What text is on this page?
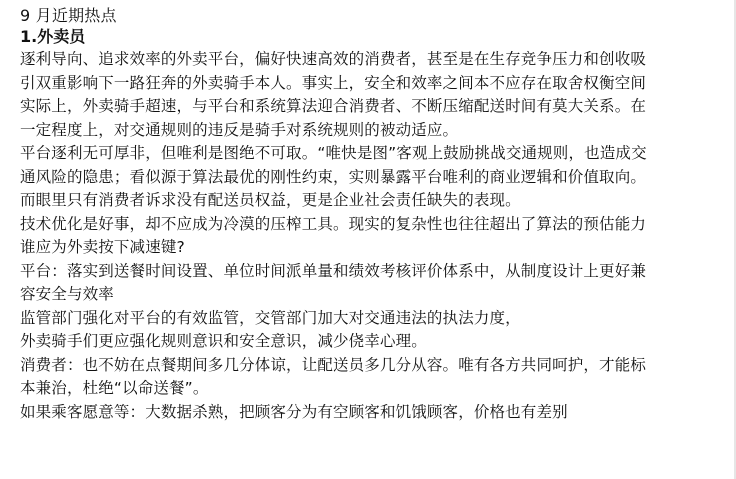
9 月近期热点
1.外卖员

逐利导向、追求效率的外卖平台，偏好快速高效的消费者，甚至是在生存竞争压力和创收吸
引双重影响下一路狂奔的外卖骑手本人。事实上，安全和效率之间本不应存在取舍权衡空间
实际上，外卖骑手超速，与平台和系统算法迎合消费者、不断压缩配送时间有莫大关系。在
一定程度上，对交通规则的违反是骑手对系统规则的被动适应。

平台逐利无可厚非，但唯利是图绝不可取。“唯快是图”客观上鼓励挑战交通规则，也造成交
通风险的隐患；看似源于算法最优的刚性约束，实则暴露平台唯利的商业逻辑和价值取向。
而眼里只有消费者诉求没有配送员权益，更是企业社会责任缺失的表现。

技术优化是好事，却不应成为冷漠的压榨工具。现实的复杂性也往往超出了算法的预估能力
谁应为外卖按下减速键?

平台：落实到送餐时间设置、单位时间派单量和绩效考核评价体系中，从制度设计上更好兼
容安全与效率

监管部门强化对平台的有效监管，交管部门加大对交通违法的执法力度，

外卖骑手们更应强化规则意识和安全意识，减少侥幸心理。

消费者：也不妨在点餐期间多几分体谅，让配送员多几分从容。唯有各方共同呵护，才能标
本兼治，杜绝“以命送餐”。

如果乘客愿意等：大数据杀熟，把顾客分为有空顾客和饥饿顾客，价格也有差别
